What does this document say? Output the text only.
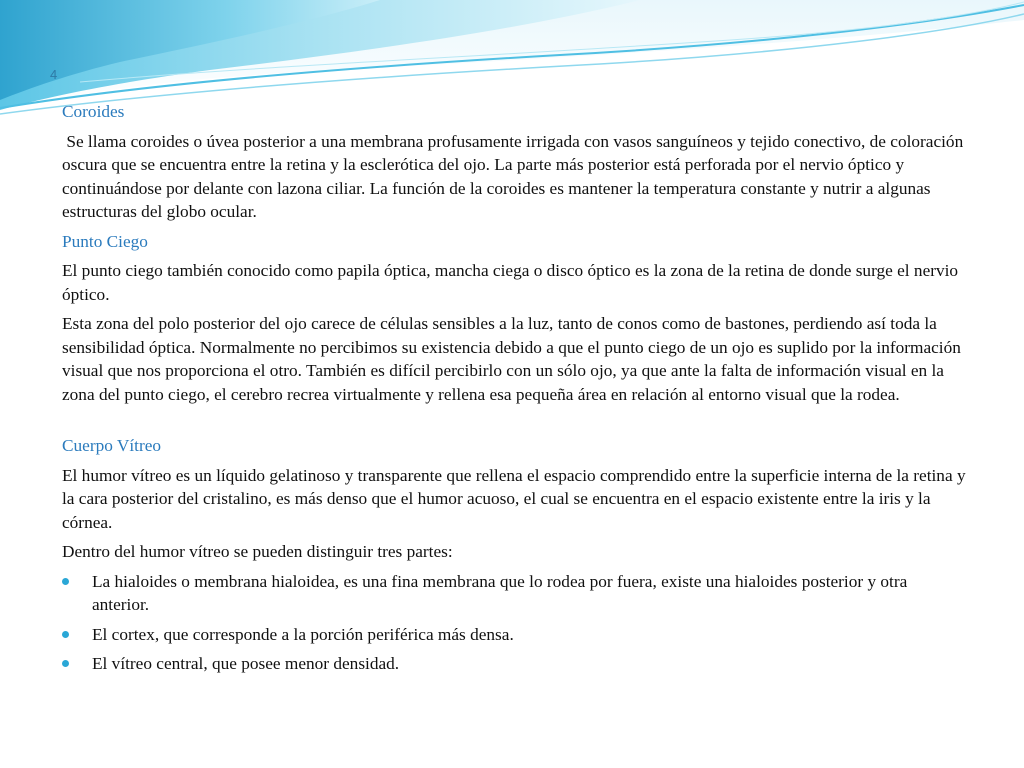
4

Coroides

Se llama coroides o úvea posterior a una membrana profusamente irrigada con vasos sanguíneos y tejido conectivo, de coloración oscura que se encuentra entre la retina y la esclerótica del ojo. La parte más posterior está perforada por el nervio óptico y continuándose por delante con lazona ciliar. La función de la coroides es mantener la temperatura constante y nutrir a algunas estructuras del globo ocular.

Punto Ciego

El punto ciego también conocido como papila óptica, mancha ciega o disco óptico es la zona de la retina de donde surge el nervio óptico.

Esta zona del polo posterior del ojo carece de células sensibles a la luz, tanto de conos como de bastones, perdiendo así toda la sensibilidad óptica. Normalmente no percibimos su existencia debido a que el punto ciego de un ojo es suplido por la información visual que nos proporciona el otro. También es difícil percibirlo con un sólo ojo, ya que ante la falta de información visual en la zona del punto ciego, el cerebro recrea virtualmente y rellena esa pequeña área en relación al entorno visual que la rodea.

Cuerpo Vítreo

El humor vítreo es un líquido gelatinoso y transparente que rellena el espacio comprendido entre la superficie interna de la retina y la cara posterior del cristalino, es más denso que el humor acuoso, el cual se encuentra en el espacio existente entre la iris y la córnea.

Dentro del humor vítreo se pueden distinguir tres partes:

La hialoides o membrana hialoidea, es una fina membrana que lo rodea por fuera, existe una hialoides posterior y otra anterior.
El cortex, que corresponde a la porción periférica más densa.
El vítreo central, que posee menor densidad.
